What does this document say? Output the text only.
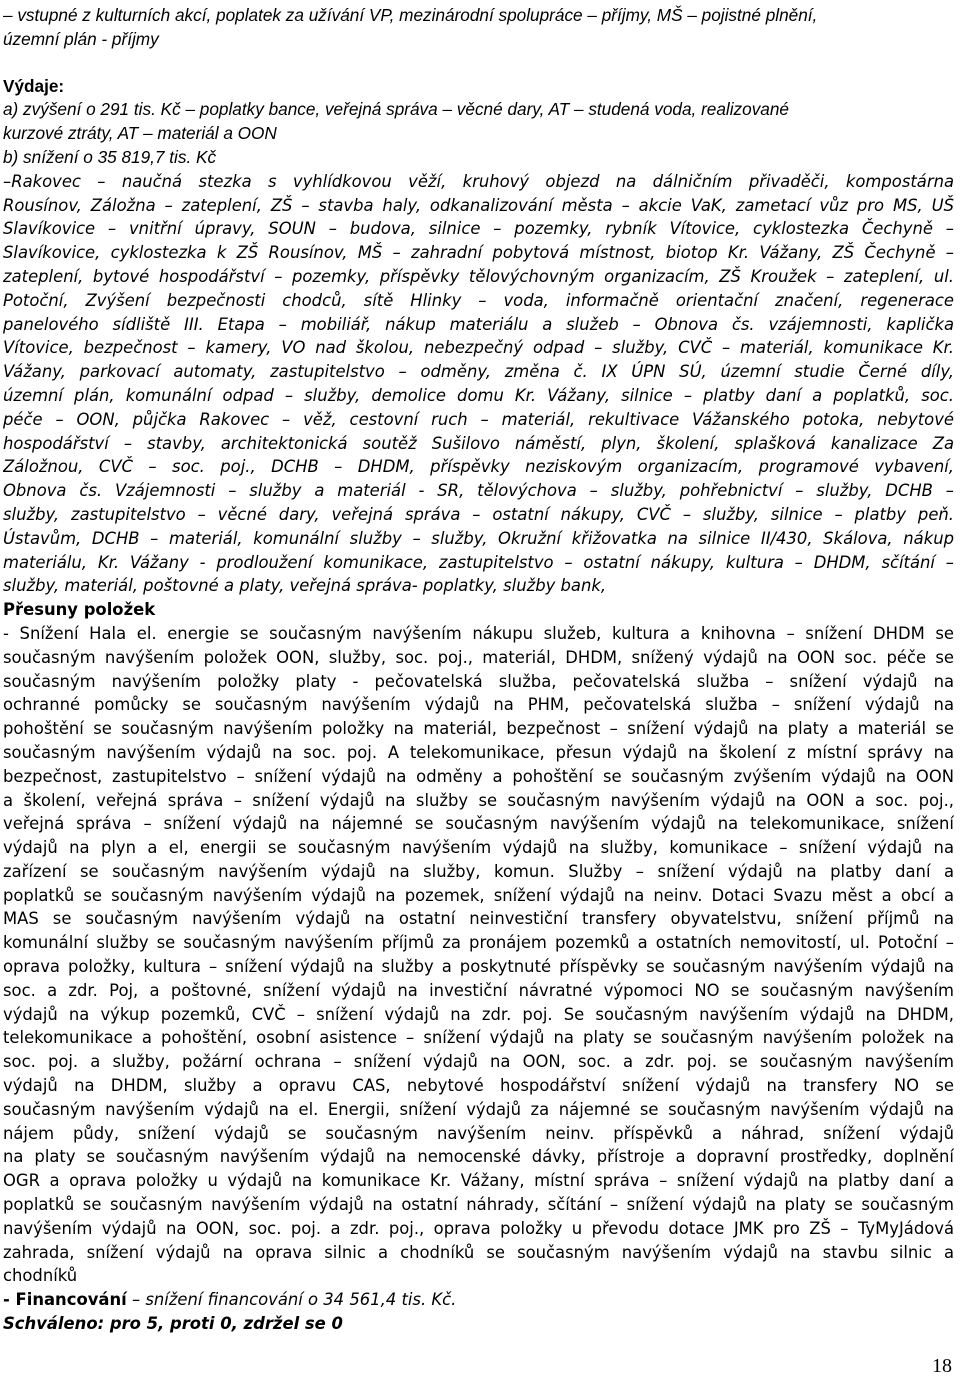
– vstupné z kulturních akcí, poplatek za užívání VP, mezinárodní spolupráce – příjmy, MŠ – pojistné plnění,
územní plán - příjmy
Výdaje:
a) zvýšení o 291 tis. Kč – poplatky bance, veřejná správa – věcné dary, AT – studená voda, realizované
kurzové ztráty, AT – materiál a OON
b) snížení o 35 819,7 tis. Kč
–Rakovec – naučná stezka s vyhlídkovou věží, kruhový objezd na dálničním přivaděči, kompostárna
Rousínov, Záložna – zateplení, ZŠ – stavba haly, odkanalizování města – akcie VaK, zametací vůz pro MS, UŠ
Slavíkovice – vnitřní úpravy, SOUN – budova, silnice – pozemky, rybník Vítovice, cyklostezka Čechyně –
Slavíkovice, cyklostezka k ZŠ Rousínov, MŠ – zahradní pobytová místnost, biotop Kr. Vážany, ZŠ Čechyně –
zateplení, bytové hospodářství – pozemky, příspěvky tělovýchovným organizacím, ZŠ Kroužek – zateplení, ul.
Potoční, Zvýšení bezpečnosti chodců, sítě Hlinky – voda, informačně orientační značení, regenerace
panelového sídliště III. Etapa – mobiliář, nákup materiálu a služeb – Obnova čs. vzájemnosti, kaplička
Vítovice, bezpečnost – kamery, VO nad školou, nebezpečný odpad – služby, CVČ – materiál, komunikace Kr.
Vážany, parkovací automaty, zastupitelstvo – odměny, změna č. IX ÚPN SÚ, územní studie Černé díly,
územní plán, komunální odpad – služby, demolice domu Kr. Vážany, silnice – platby daní a poplatků, soc.
péče – OON, půjčka Rakovec – věž, cestovní ruch – materiál, rekultivace Vážanského potoka, nebytové
hospodářství – stavby, architektonická soutěž Sušilovo náměstí, plyn, školení, splašková kanalizace Za
Záložnou, CVČ – soc. poj., DCHB – DHDM, příspěvky neziskovým organizacím, programové vybavení,
Obnova čs. Vzájemnosti – služby a materiál - SR, tělovýchova – služby, pohřebnictví – služby, DCHB –
služby, zastupitelstvo – věcné dary, veřejná správa – ostatní nákupy, CVČ – služby, silnice – platby peň.
Ústavům, DCHB – materiál, komunální služby – služby, Okružní křižovatka na silnice II/430, Skálova, nákup
materiálu, Kr. Vážany - prodloužení komunikace, zastupitelstvo – ostatní nákupy, kultura – DHDM, sčítání –
služby, materiál, poštovné a platy, veřejná správa- poplatky, služby bank,
Přesuny položek
- Snížení Hala el. energie se současným navýšením nákupu služeb, kultura a knihovna – snížení DHDM se
současným navýšením položek OON, služby, soc. poj., materiál, DHDM, snížený výdajů na OON soc. péče se
současným navýšením položky platy - pečovatelská služba, pečovatelská služba – snížení výdajů na
ochranné pomůcky se současným navýšením výdajů na PHM, pečovatelská služba – snížení výdajů na
pohoštění se současným navýšením položky na materiál, bezpečnost – snížení výdajů na platy a materiál se
současným navýšením výdajů na soc. poj. A telekomunikace, přesun výdajů na školení z místní správy na
bezpečnost, zastupitelstvo – snížení výdajů na odměny a pohoštění se současným zvýšením výdajů na OON
a školení, veřejná správa – snížení výdajů na služby se současným navýšením výdajů na OON a soc. poj.,
veřejná správa – snížení výdajů na nájemné se současným navýšením výdajů na telekomunikace, snížení
výdajů na plyn a el, energii se současným navýšením výdajů na služby, komunikace – snížení výdajů na
zařízení se současným navýšením výdajů na služby, komun. Služby – snížení výdajů na platby daní a
poplatků se současným navýšením výdajů na pozemek, snížení výdajů na neinv. Dotaci Svazu měst a obcí a
MAS se současným navýšením výdajů na ostatní neinvestiční transfery obyvatelstvu, snížení příjmů na
komunální služby se současným navýšením příjmů za pronájem pozemků a ostatních nemovitostí, ul. Potoční –
oprava položky, kultura – snížení výdajů na služby a poskytnuté příspěvky se současným navýšením výdajů na
soc. a zdr. Poj, a poštovné, snížení výdajů na investiční návratné výpomoci NO se současným navýšením
výdajů na výkup pozemků, CVČ – snížení výdajů na zdr. poj. Se současným navýšením výdajů na DHDM,
telekomunikace a pohoštění, osobní asistence – snížení výdajů na platy se současným navýšením položek na
soc. poj. a služby, požární ochrana – snížení výdajů na OON, soc. a zdr. poj. se současným navýšením
výdajů na DHDM, služby a opravu CAS, nebytové hospodářství snížení výdajů na transfery NO se
současným navýšením výdajů na el. Energii, snížení výdajů za nájemné se současným navýšením výdajů na
nájem půdy, snížení výdajů se současným navýšením neinv. příspěvků a náhrad, snížení výdajů
na platy se současným navýšením výdajů na nemocenské dávky, přístroje a dopravní prostředky, doplnění
OGR a oprava položky u výdajů na komunikace Kr. Vážany, místní správa – snížení výdajů na platby daní a
poplatků se současným navýšením výdajů na ostatní náhrady, sčítání – snížení výdajů na platy se současným
navýšením výdajů na OON, soc. poj. a zdr. poj., oprava položky u převodu dotace JMK pro ZŠ – TyMyJádová
zahrada, snížení výdajů na oprava silnic a chodníků se současným navýšením výdajů na stavbu silnic a
chodníků
- Financování – snížení financování o 34 561,4 tis. Kč.
Schváleno: pro 5, proti 0, zdržel se 0
18
